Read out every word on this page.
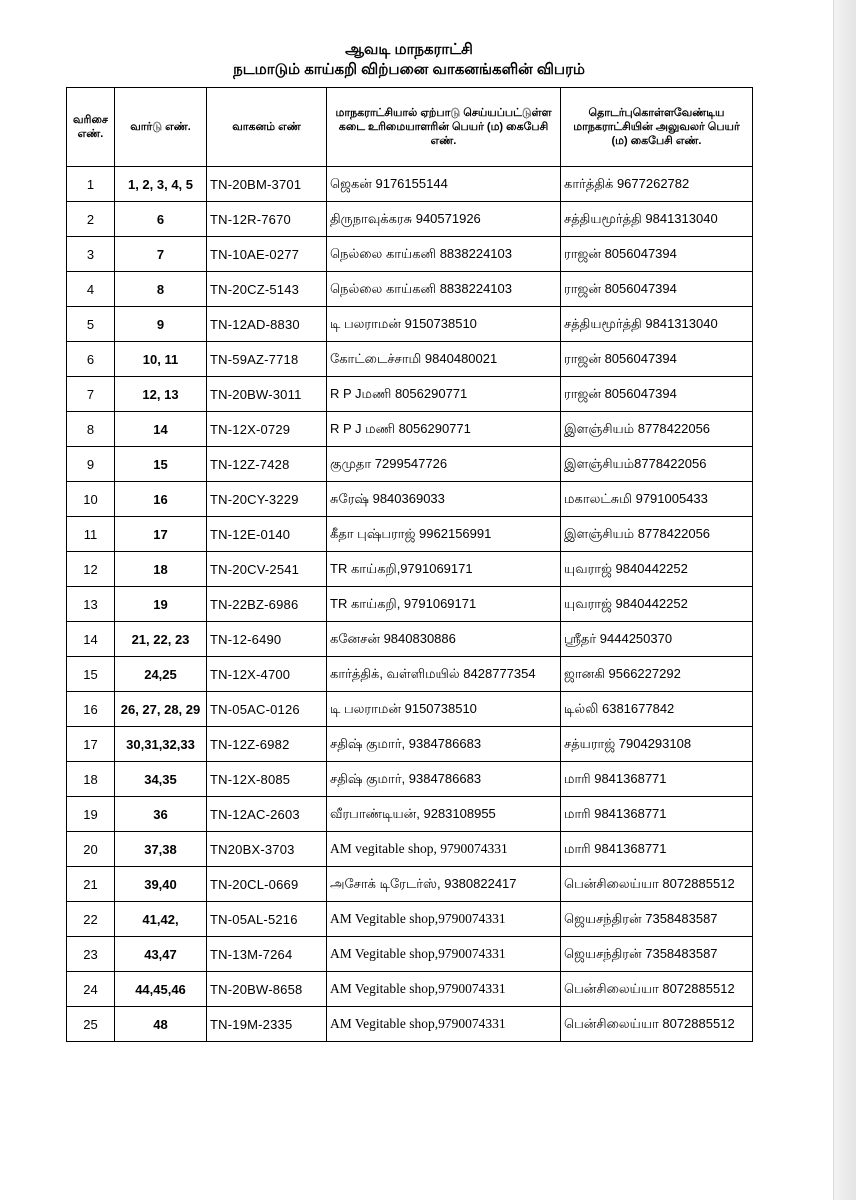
ஆவடி மாநகராட்சி
நடமாடும் காய்கறி விற்பனை வாகனங்களின் விபரம்
வரிசை எண்.	வார்டு எண்.	வாகனம் எண்	மாநகராட்சியால் ஏற்பாடு செய்யப்பட்டுள்ள கடை உரிமையாளரின் பெயர் (ம) கைபேசி எண்.	தொடர்புகொள்ளவேண்டிய மாநகராட்சியின் அலுவலர் பெயர் (ம) கைபேசி எண்.
1	1, 2, 3, 4, 5	TN-20BM-3701	ஜெகன் 9176155144	கார்த்திக் 9677262782
2	6	TN-12R-7670	திருநாவுக்கரசு 940571926	சத்தியமூர்த்தி 9841313040
3	7	TN-10AE-0277	நெல்லை காய்கனி 8838224103	ராஜன் 8056047394
4	8	TN-20CZ-5143	நெல்லை காய்கனி 8838224103	ராஜன் 8056047394
5	9	TN-12AD-8830	டி பலராமன் 9150738510	சத்தியமூர்த்தி 9841313040
6	10, 11	TN-59AZ-7718	கோட்டைச்சாமி 9840480021	ராஜன் 8056047394
7	12, 13	TN-20BW-3011	R P Jமணி 8056290771	ராஜன் 8056047394
8	14	TN-12X-0729	R P J மணி 8056290771	இளஞ்சியம் 8778422056
9	15	TN-12Z-7428	குமுதா 7299547726	இளஞ்சியம்8778422056
10	16	TN-20CY-3229	சுரேஷ் 9840369033	மகாலட்சுமி 9791005433
11	17	TN-12E-0140	கீதா புஷ்பராஜ் 9962156991	இளஞ்சியம் 8778422056
12	18	TN-20CV-2541	TR காய்கறி,9791069171	யுவராஜ் 9840442252
13	19	TN-22BZ-6986	TR காய்கறி, 9791069171	யுவராஜ் 9840442252
14	21, 22, 23	TN-12-6490	கனேசன் 9840830886	ஸ்ரீதர் 9444250370
15	24,25	TN-12X-4700	கார்த்திக், வள்ளிமயில் 8428777354	ஜானகி 9566227292
16	26, 27, 28, 29	TN-05AC-0126	டி பலராமன் 9150738510	டில்லி 6381677842
17	30,31,32,33	TN-12Z-6982	சதிஷ் குமார், 9384786683	சத்யராஜ் 7904293108
18	34,35	TN-12X-8085	சதிஷ் குமார், 9384786683	மாரி 9841368771
19	36	TN-12AC-2603	வீரபாண்டியன், 9283108955	மாரி 9841368771
20	37,38	TN20BX-3703	AM vegitable shop, 9790074331	மாரி 9841368771
21	39,40	TN-20CL-0669	அசோக் டிரேடர்ஸ், 9380822417	பென்சிலைய்யா 8072885512
22	41,42,	TN-05AL-5216	AM Vegitable shop,9790074331	ஜெயசந்திரன் 7358483587
23	43,47	TN-13M-7264	AM Vegitable shop,9790074331	ஜெயசந்திரன் 7358483587
24	44,45,46	TN-20BW-8658	AM Vegitable shop,9790074331	பென்சிலைய்யா 8072885512
25	48	TN-19M-2335	AM Vegitable shop,9790074331	பென்சிலைய்யா 8072885512
